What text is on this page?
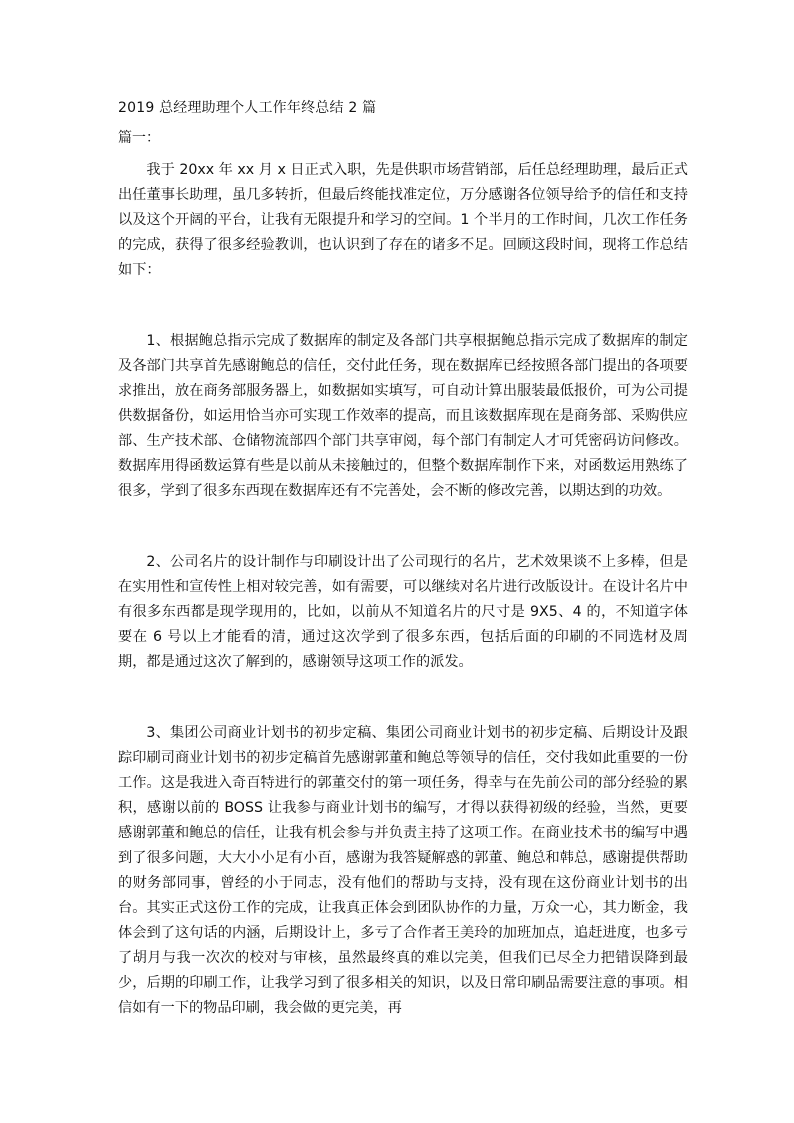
2019 总经理助理个人工作年终总结 2 篇

篇一：

我于 20xx 年 xx 月 x 日正式入职，先是供职市场营销部，后任总经理助理，最后正式出任董事长助理，虽几多转折，但最后终能找准定位，万分感谢各位领导给予的信任和支持以及这个开阔的平台，让我有无限提升和学习的空间。1 个半月的工作时间，几次工作任务的完成，获得了很多经验教训，也认识到了存在的诸多不足。回顾这段时间，现将工作总结如下：

1、根据鲍总指示完成了数据库的制定及各部门共享根据鲍总指示完成了数据库的制定及各部门共享首先感谢鲍总的信任，交付此任务，现在数据库已经按照各部门提出的各项要求推出，放在商务部服务器上，如数据如实填写，可自动计算出服装最低报价，可为公司提供数据备份，如运用恰当亦可实现工作效率的提高，而且该数据库现在是商务部、采购供应部、生产技术部、仓储物流部四个部门共享审阅，每个部门有制定人才可凭密码访问修改。数据库用得函数运算有些是以前从未接触过的，但整个数据库制作下来，对函数运用熟练了很多，学到了很多东西现在数据库还有不完善处，会不断的修改完善，以期达到的功效。

2、公司名片的设计制作与印刷设计出了公司现行的名片，艺术效果谈不上多棒，但是在实用性和宣传性上相对较完善，如有需要，可以继续对名片进行改版设计。在设计名片中有很多东西都是现学现用的，比如，以前从不知道名片的尺寸是 9X5、4 的，不知道字体要在 6 号以上才能看的清，通过这次学到了很多东西，包括后面的印刷的不同选材及周期，都是通过这次了解到的，感谢领导这项工作的派发。

3、集团公司商业计划书的初步定稿、集团公司商业计划书的初步定稿、后期设计及跟踪印刷司商业计划书的初步定稿首先感谢郭董和鲍总等领导的信任，交付我如此重要的一份工作。这是我进入奇百特进行的郭董交付的第一项任务，得幸与在先前公司的部分经验的累积，感谢以前的 BOSS 让我参与商业计划书的编写，才得以获得初级的经验，当然，更要感谢郭董和鲍总的信任，让我有机会参与并负责主持了这项工作。在商业技术书的编写中遇到了很多问题，大大小小足有小百，感谢为我答疑解惑的郭董、鲍总和韩总，感谢提供帮助的财务部同事，曾经的小于同志，没有他们的帮助与支持，没有现在这份商业计划书的出台。其实正式这份工作的完成，让我真正体会到团队协作的力量，万众一心，其力断金，我体会到了这句话的内涵，后期设计上，多亏了合作者王美玲的加班加点，追赶进度，也多亏了胡月与我一次次的校对与审核，虽然最终真的难以完美，但我们已尽全力把错误降到最少，后期的印刷工作，让我学习到了很多相关的知识，以及日常印刷品需要注意的事项。相信如有一下的物品印刷，我会做的更完美，再
